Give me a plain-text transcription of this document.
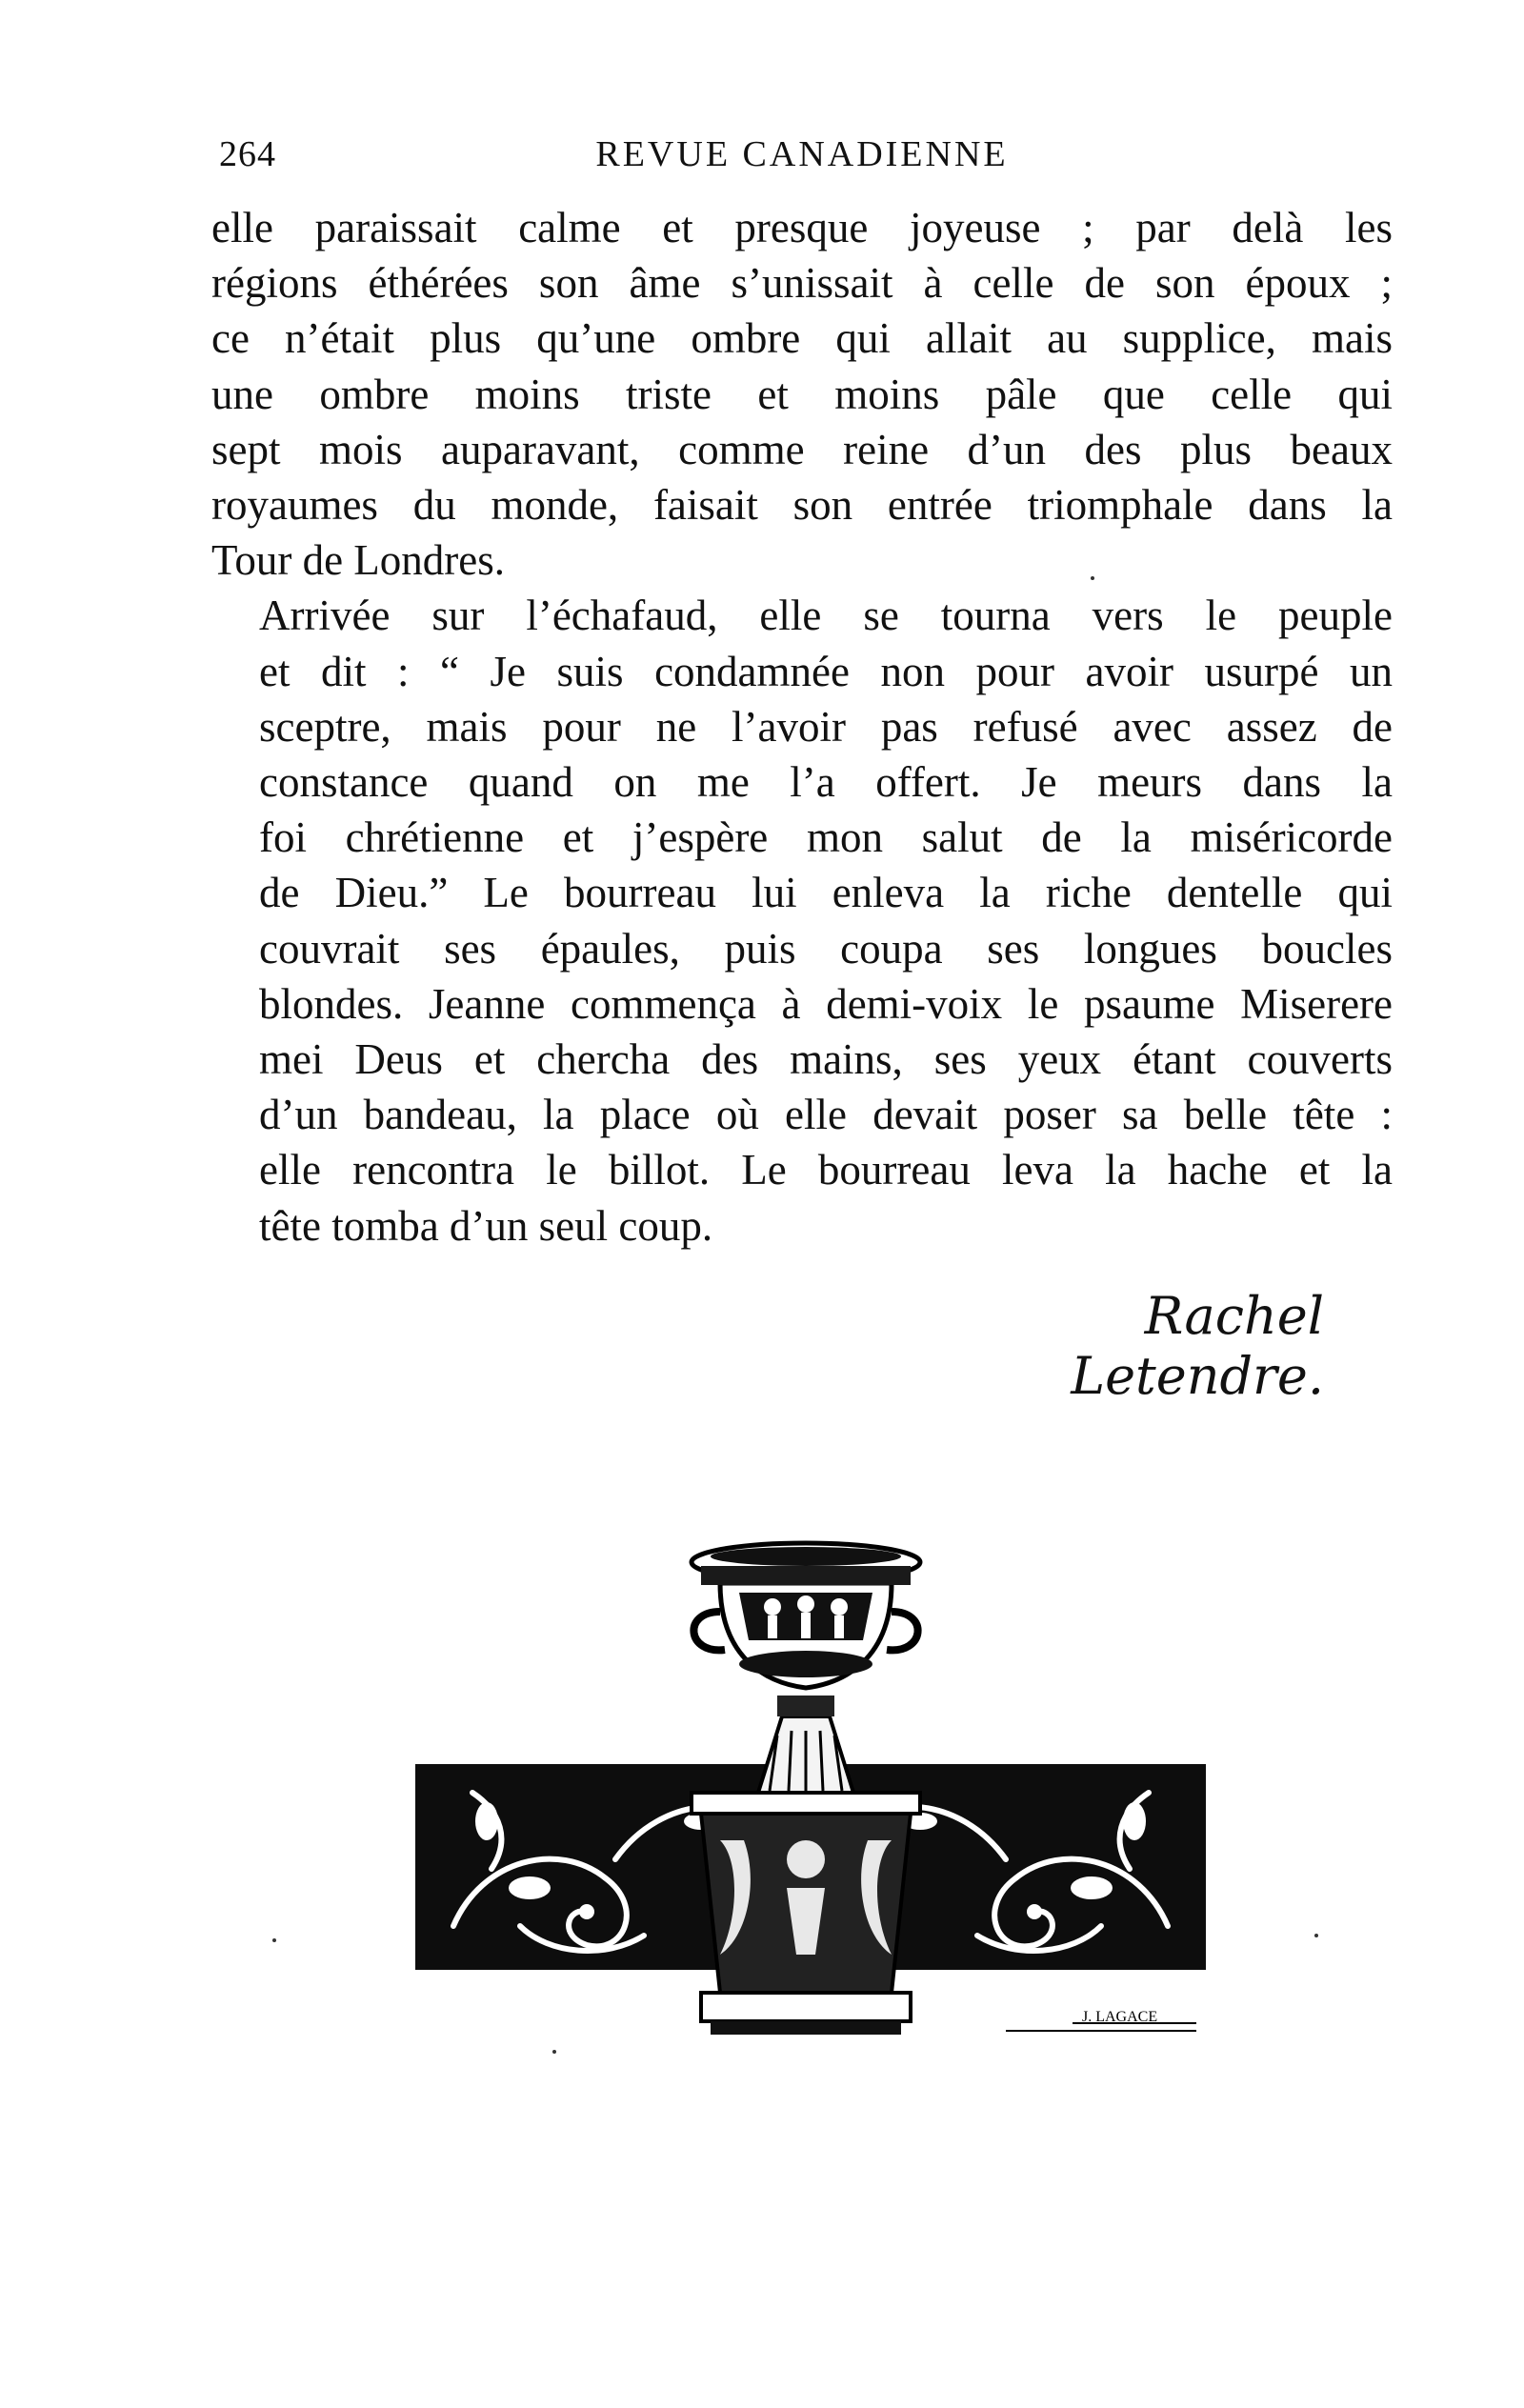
264	REVUE CANADIENNE

elle paraissait calme et presque joyeuse ; par delà les
régions éthérées son âme s’unissait à celle de son époux ;
ce n’était plus qu’une ombre qui allait au supplice, mais
une ombre moins triste et moins pâle que celle qui
sept mois auparavant, comme reine d’un des plus beaux
royaumes du monde, faisait son entrée triomphale dans la
Tour de Londres.

Arrivée sur l’échafaud, elle se tourna vers le peuple
et dit : “ Je suis condamnée non pour avoir usurpé un
sceptre, mais pour ne l’avoir pas refusé avec assez de
constance quand on me l’a offert. Je meurs dans la
foi chrétienne et j’espère mon salut de la miséricorde
de Dieu.” Le bourreau lui enleva la riche dentelle qui
couvrait ses épaules, puis coupa ses longues boucles
blondes. Jeanne commença à demi-voix le psaume Miserere
mei Deus et chercha des mains, ses yeux étant couverts
d’un bandeau, la place où elle devait poser sa belle tête :
elle rencontra le billot. Le bourreau leva la hache et la
tête tomba d’un seul coup.

Rachel Letendre.
J. LAGACE
